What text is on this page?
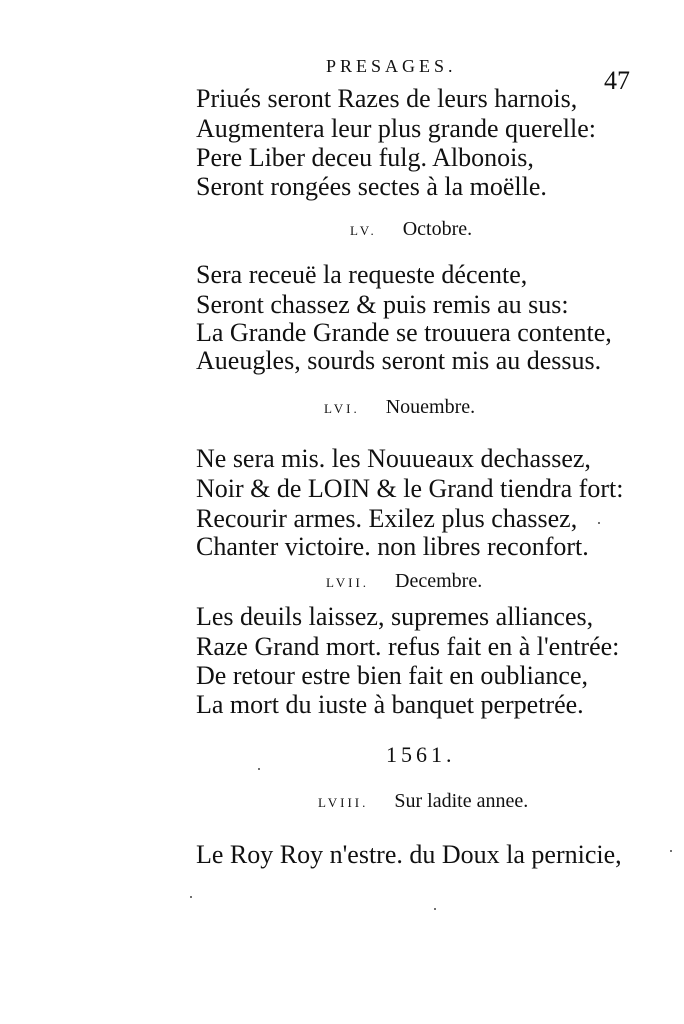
PRESAGES.	47
Priués seront Razes de leurs harnois,
Augmentera leur plus grande querelle:
Pere Liber deceu fulg. Albonois,
Seront rongées sectes à la moëlle.
LV. Octobre.
Sera receuë la requeste décente,
Seront chassez & puis remis au sus:
La Grande Grande se trouuera contente,
Aueugles, sourds seront mis au dessus.
LVI. Nouembre.
Ne sera mis. les Nouueaux dechassez,
Noir & de LOIN & le Grand tiendra fort:
Recourir armes. Exilez plus chassez,
Chanter victoire. non libres reconfort.
LVII. Decembre.
Les deuils laissez, supremes alliances,
Raze Grand mort. refus fait en à l'entrée:
De retour estre bien fait en oubliance,
La mort du iuste à banquet perpetrée.
1561.
LVIII. Sur ladite annee.
Le Roy Roy n'estre. du Doux la pernicie,
